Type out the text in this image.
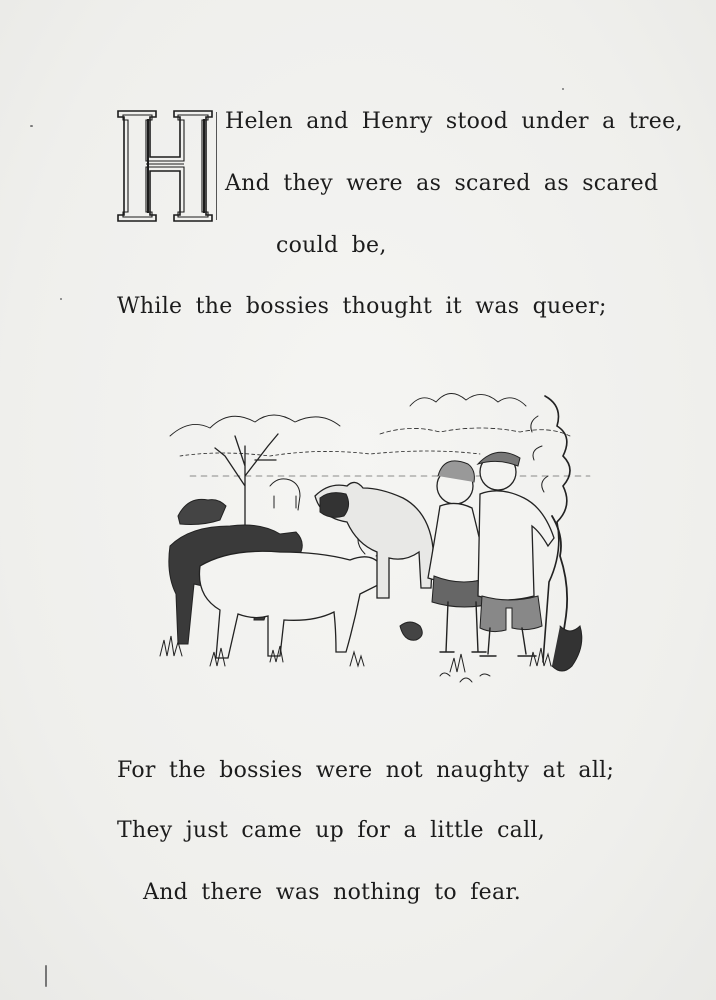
Helen and Henry stood under a tree,
And they were as scared as scared
could be,
While the bossies thought it was queer;
For the bossies were not naughty at all;
They just came up for a little call,
And there was nothing to fear.
